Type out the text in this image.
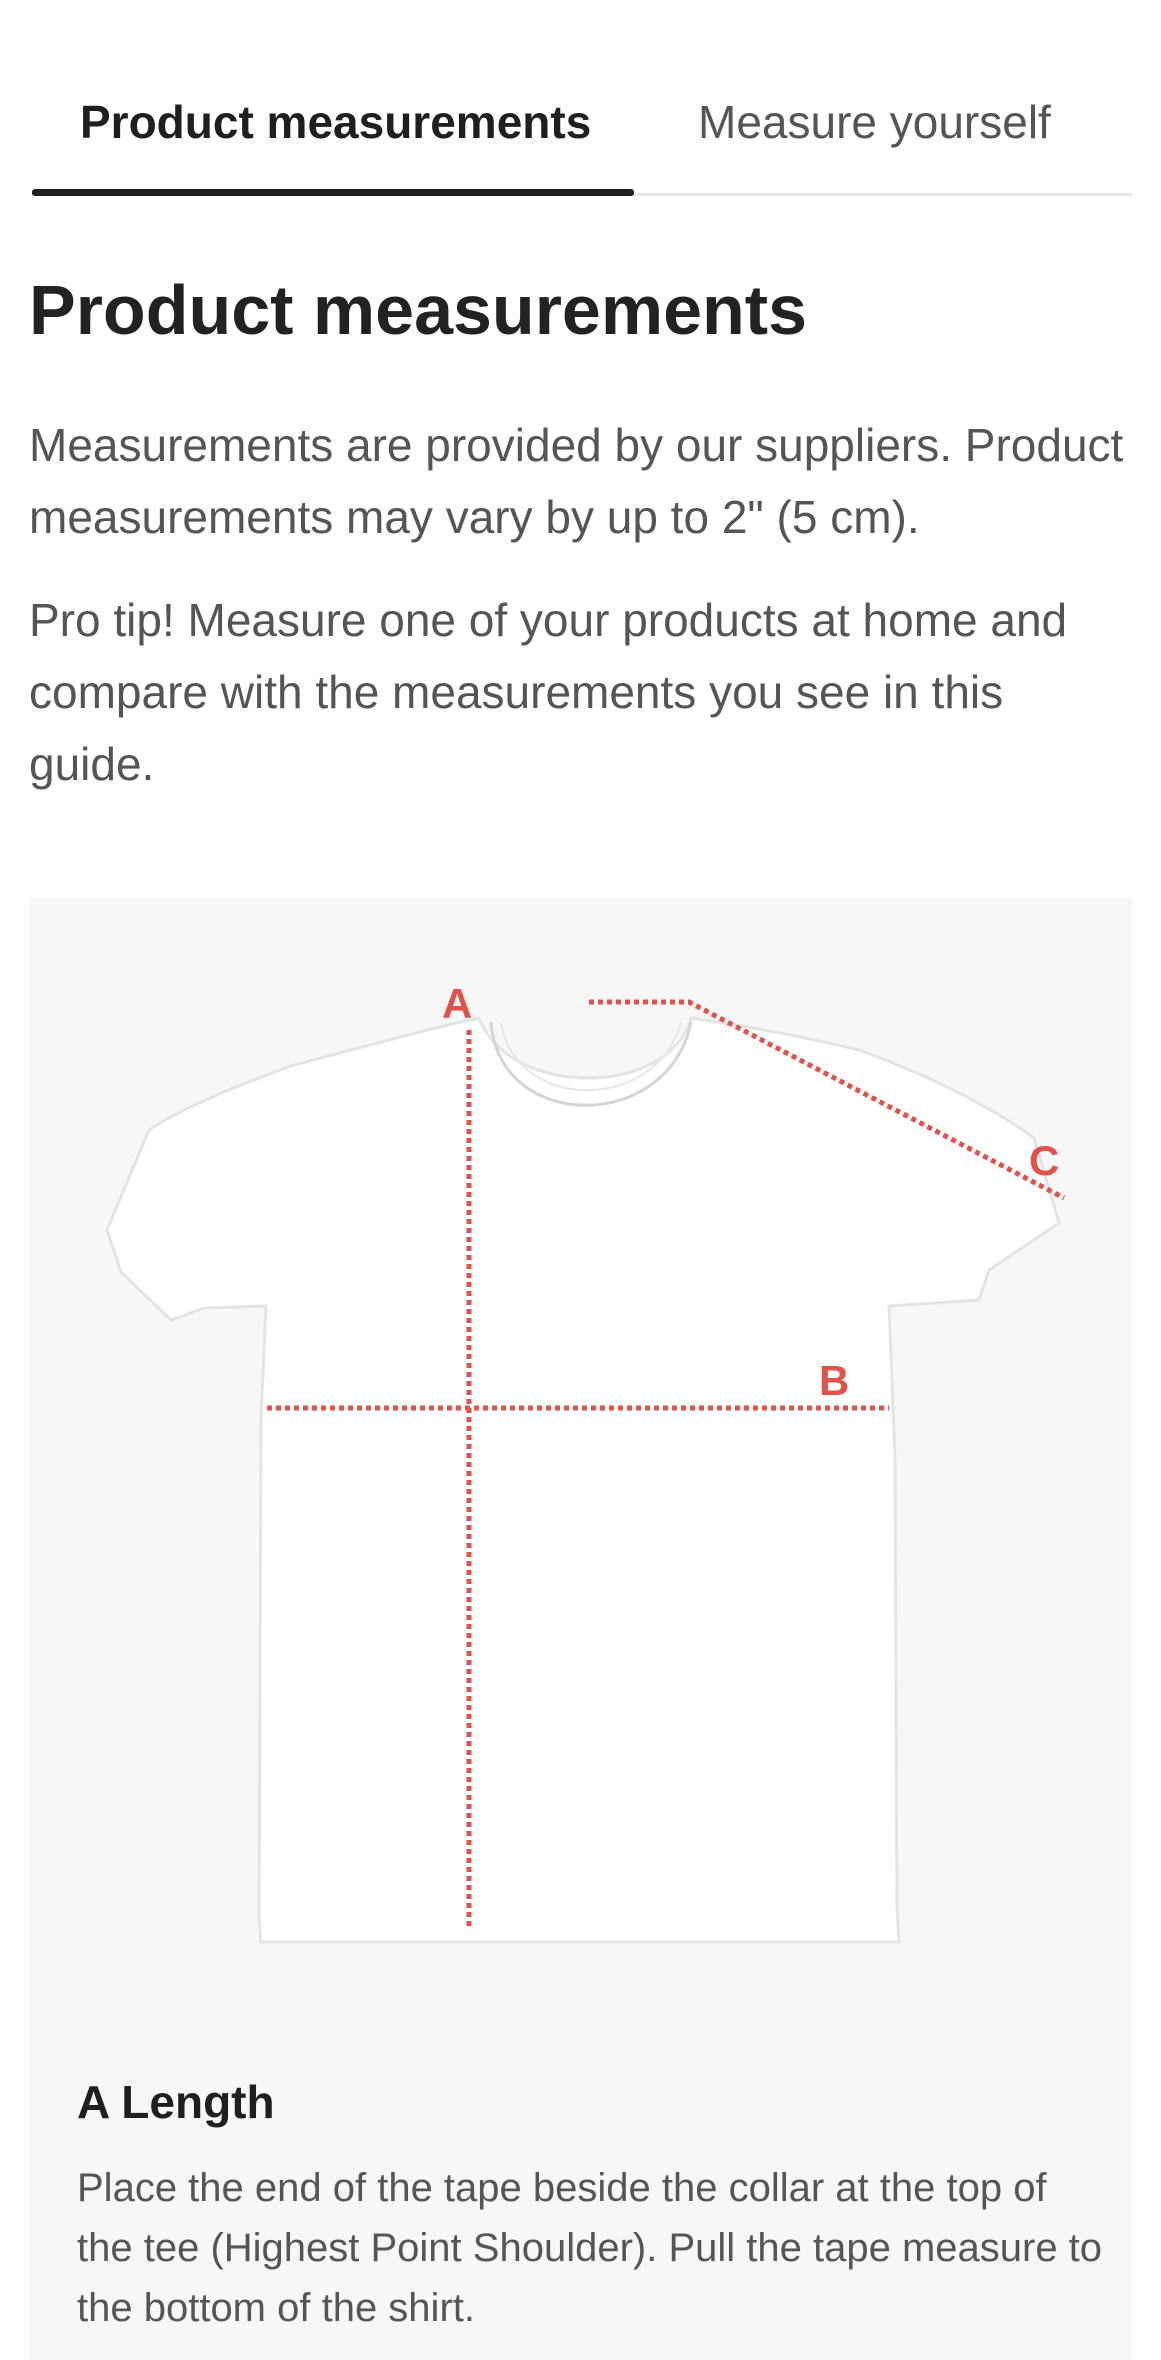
Product measurements Measure yourself
Product measurements

Measurements are provided by our suppliers. Product measurements may vary by up to 2" (5 cm).

Pro tip! Measure one of your products at home and compare with the measurements you see in this guide.

A
B
C
A Length

Place the end of the tape beside the collar at the top of the tee (Highest Point Shoulder). Pull the tape measure to the bottom of the shirt.
